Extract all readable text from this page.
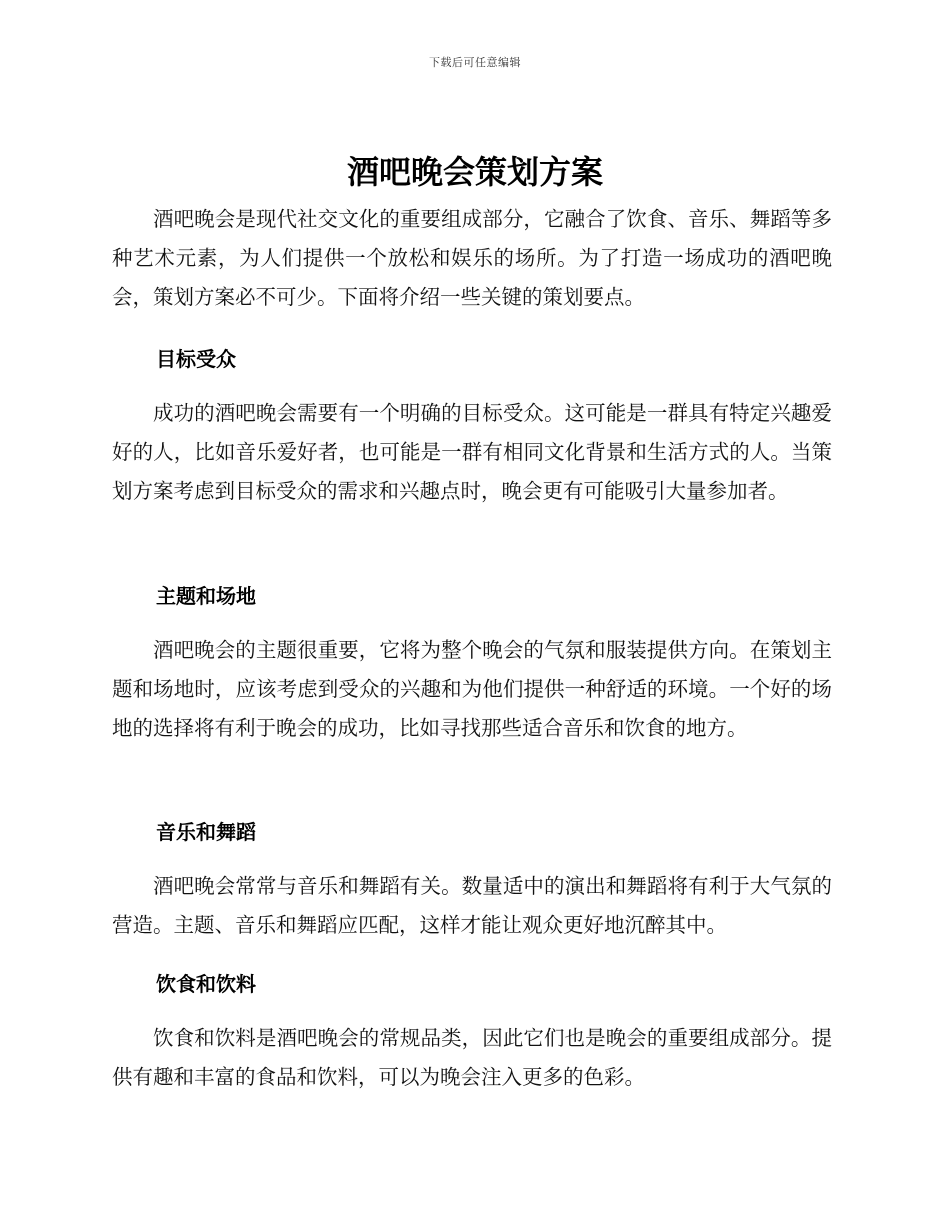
下载后可任意编辑
酒吧晚会策划方案

酒吧晚会是现代社交文化的重要组成部分，它融合了饮食、音乐、舞蹈等多种艺术元素，为人们提供一个放松和娱乐的场所。为了打造一场成功的酒吧晚会，策划方案必不可少。下面将介绍一些关键的策划要点。

目标受众

成功的酒吧晚会需要有一个明确的目标受众。这可能是一群具有特定兴趣爱好的人，比如音乐爱好者，也可能是一群有相同文化背景和生活方式的人。当策划方案考虑到目标受众的需求和兴趣点时，晚会更有可能吸引大量参加者。

主题和场地

酒吧晚会的主题很重要，它将为整个晚会的气氛和服装提供方向。在策划主题和场地时，应该考虑到受众的兴趣和为他们提供一种舒适的环境。一个好的场地的选择将有利于晚会的成功，比如寻找那些适合音乐和饮食的地方。

音乐和舞蹈

酒吧晚会常常与音乐和舞蹈有关。数量适中的演出和舞蹈将有利于大气氛的营造。主题、音乐和舞蹈应匹配，这样才能让观众更好地沉醉其中。

饮食和饮料

饮食和饮料是酒吧晚会的常规品类，因此它们也是晚会的重要组成部分。提供有趣和丰富的食品和饮料，可以为晚会注入更多的色彩。
